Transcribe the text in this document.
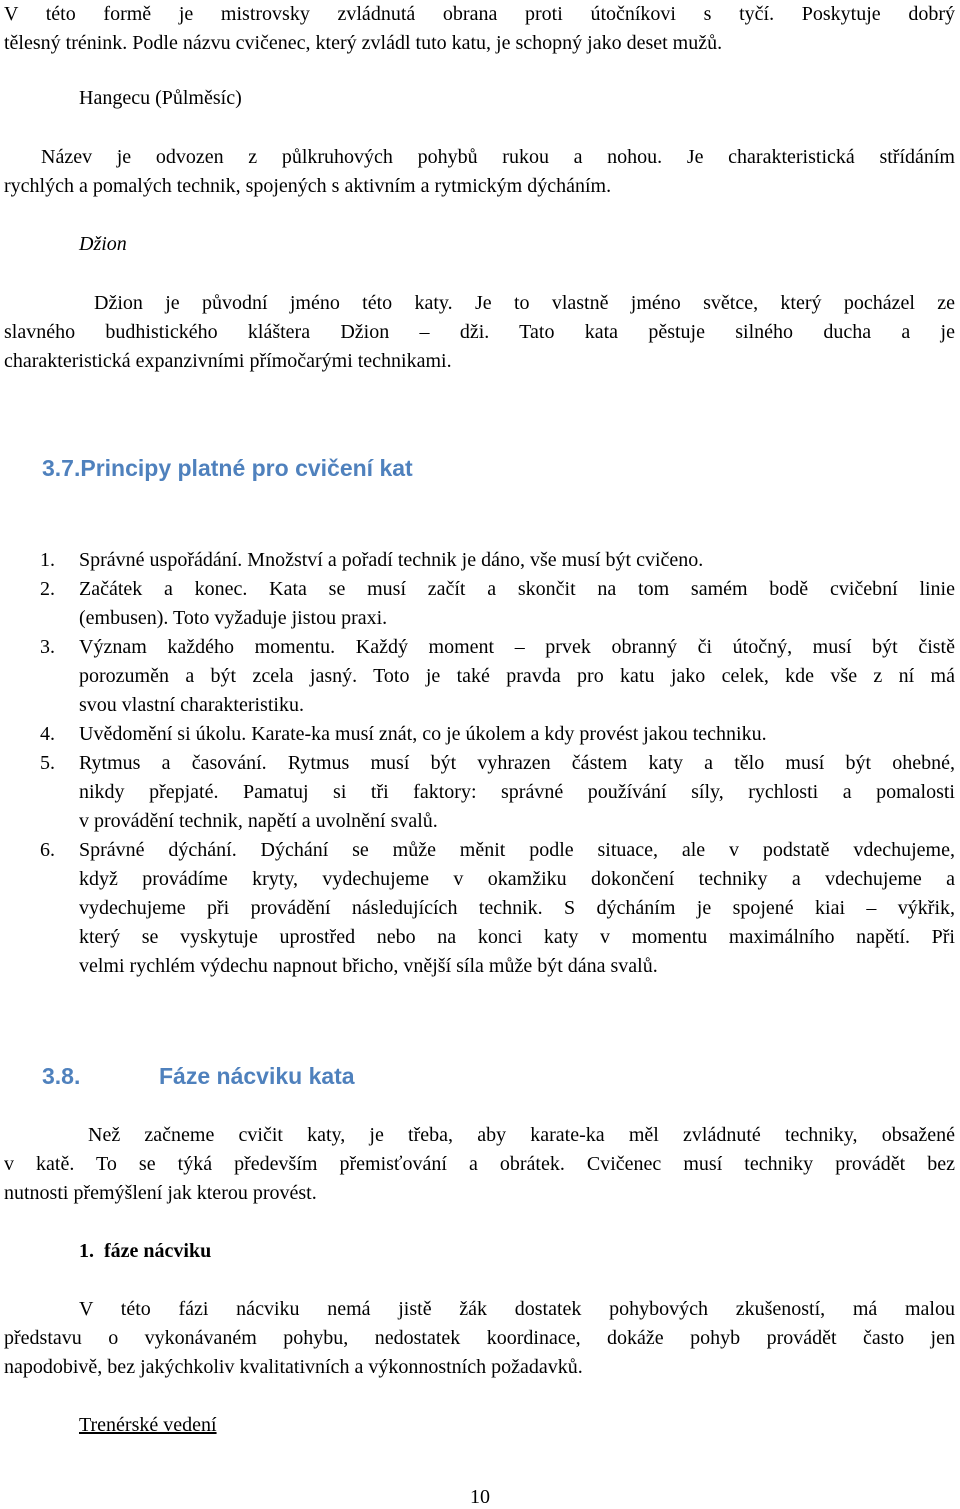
V této formě je mistrovsky zvládnutá obrana proti útočníkovi s tyčí. Poskytuje dobrý
tělesný trénink. Podle názvu cvičenec, který zvládl tuto katu, je schopný jako deset mužů.
Hangecu (Půlměsíc)
Název je odvozen z půlkruhových pohybů rukou a nohou. Je charakteristická střídáním
rychlých a pomalých technik, spojených s aktivním a rytmickým dýcháním.
Džion
Džion je původní jméno této katy. Je to vlastně jméno světce, který pocházel ze
slavného budhistického kláštera Džion – dži. Tato kata pěstuje silného ducha a je
charakteristická expanzivními přímočarými technikami.
3.7.Principy platné pro cvičení kat
1.	Správné uspořádání. Množství a pořadí technik je dáno, vše musí být cvičeno.
2.	Začátek a konec. Kata se musí začít a skončit na tom samém bodě cvičební linie
(embusen). Toto vyžaduje jistou praxi.
3.	Význam každého momentu. Každý moment – prvek obranný či útočný, musí být čistě
porozuměn a být zcela jasný. Toto je také pravda pro katu jako celek, kde vše z ní má
svou vlastní charakteristiku.
4.	Uvědomění si úkolu. Karate-ka musí znát, co je úkolem a kdy provést jakou techniku.
5.	Rytmus a časování. Rytmus musí být vyhrazen částem katy a tělo musí být ohebné,
nikdy přepjaté. Pamatuj si tři faktory: správné používání síly, rychlosti a pomalosti
v provádění technik, napětí a uvolnění svalů.
6.	Správné dýchání. Dýchání se může měnit podle situace, ale v podstatě vdechujeme,
když provádíme kryty, vydechujeme v okamžiku dokončení techniky a vdechujeme a
vydechujeme při provádění následujících technik. S dýcháním je spojené kiai – výkřik,
který se vyskytuje uprostřed nebo na konci katy v momentu maximálního napětí. Při
velmi rychlém výdechu napnout břicho, vnější síla může být dána svalů.
3.8.	Fáze nácviku kata
Než začneme cvičit katy, je třeba, aby karate-ka měl zvládnuté techniky, obsažené
v katě. To se týká především přemisťování a obrátek. Cvičenec musí techniky provádět bez
nutnosti přemýšlení jak kterou provést.
1.  fáze nácviku
V této fázi nácviku nemá jistě žák dostatek pohybových zkušeností, má malou
představu o vykonávaném pohybu, nedostatek koordinace, dokáže pohyb provádět často jen
napodobivě, bez jakýchkoliv kvalitativních a výkonnostních požadavků.
Trenérské vedení
10
